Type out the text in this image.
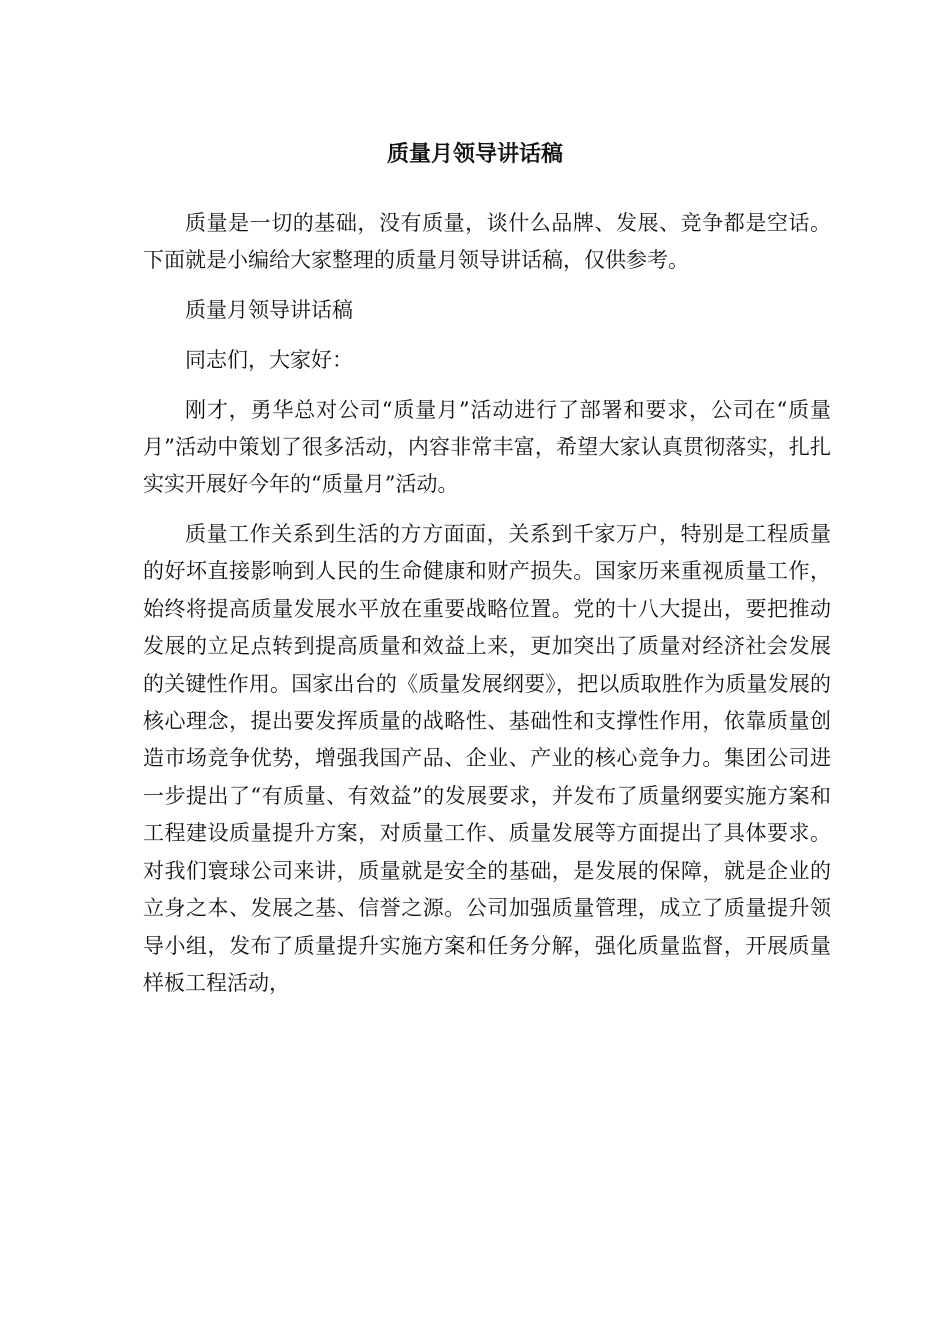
质量月领导讲话稿

质量是一切的基础，没有质量，谈什么品牌、发展、竞争都是空话。下面就是小编给大家整理的质量月领导讲话稿，仅供参考。

质量月领导讲话稿

同志们，大家好：

刚才，勇华总对公司“质量月”活动进行了部署和要求，公司在“质量月”活动中策划了很多活动，内容非常丰富，希望大家认真贯彻落实，扎扎实实开展好今年的“质量月”活动。

质量工作关系到生活的方方面面，关系到千家万户，特别是工程质量的好坏直接影响到人民的生命健康和财产损失。国家历来重视质量工作，始终将提高质量发展水平放在重要战略位置。党的十八大提出，要把推动发展的立足点转到提高质量和效益上来，更加突出了质量对经济社会发展的关键性作用。国家出台的《质量发展纲要》，把以质取胜作为质量发展的核心理念，提出要发挥质量的战略性、基础性和支撑性作用，依靠质量创造市场竞争优势，增强我国产品、企业、产业的核心竞争力。集团公司进一步提出了“有质量、有效益”的发展要求，并发布了质量纲要实施方案和工程建设质量提升方案，对质量工作、质量发展等方面提出了具体要求。对我们寰球公司来讲，质量就是安全的基础，是发展的保障，就是企业的立身之本、发展之基、信誉之源。公司加强质量管理，成立了质量提升领导小组，发布了质量提升实施方案和任务分解，强化质量监督，开展质量样板工程活动，
